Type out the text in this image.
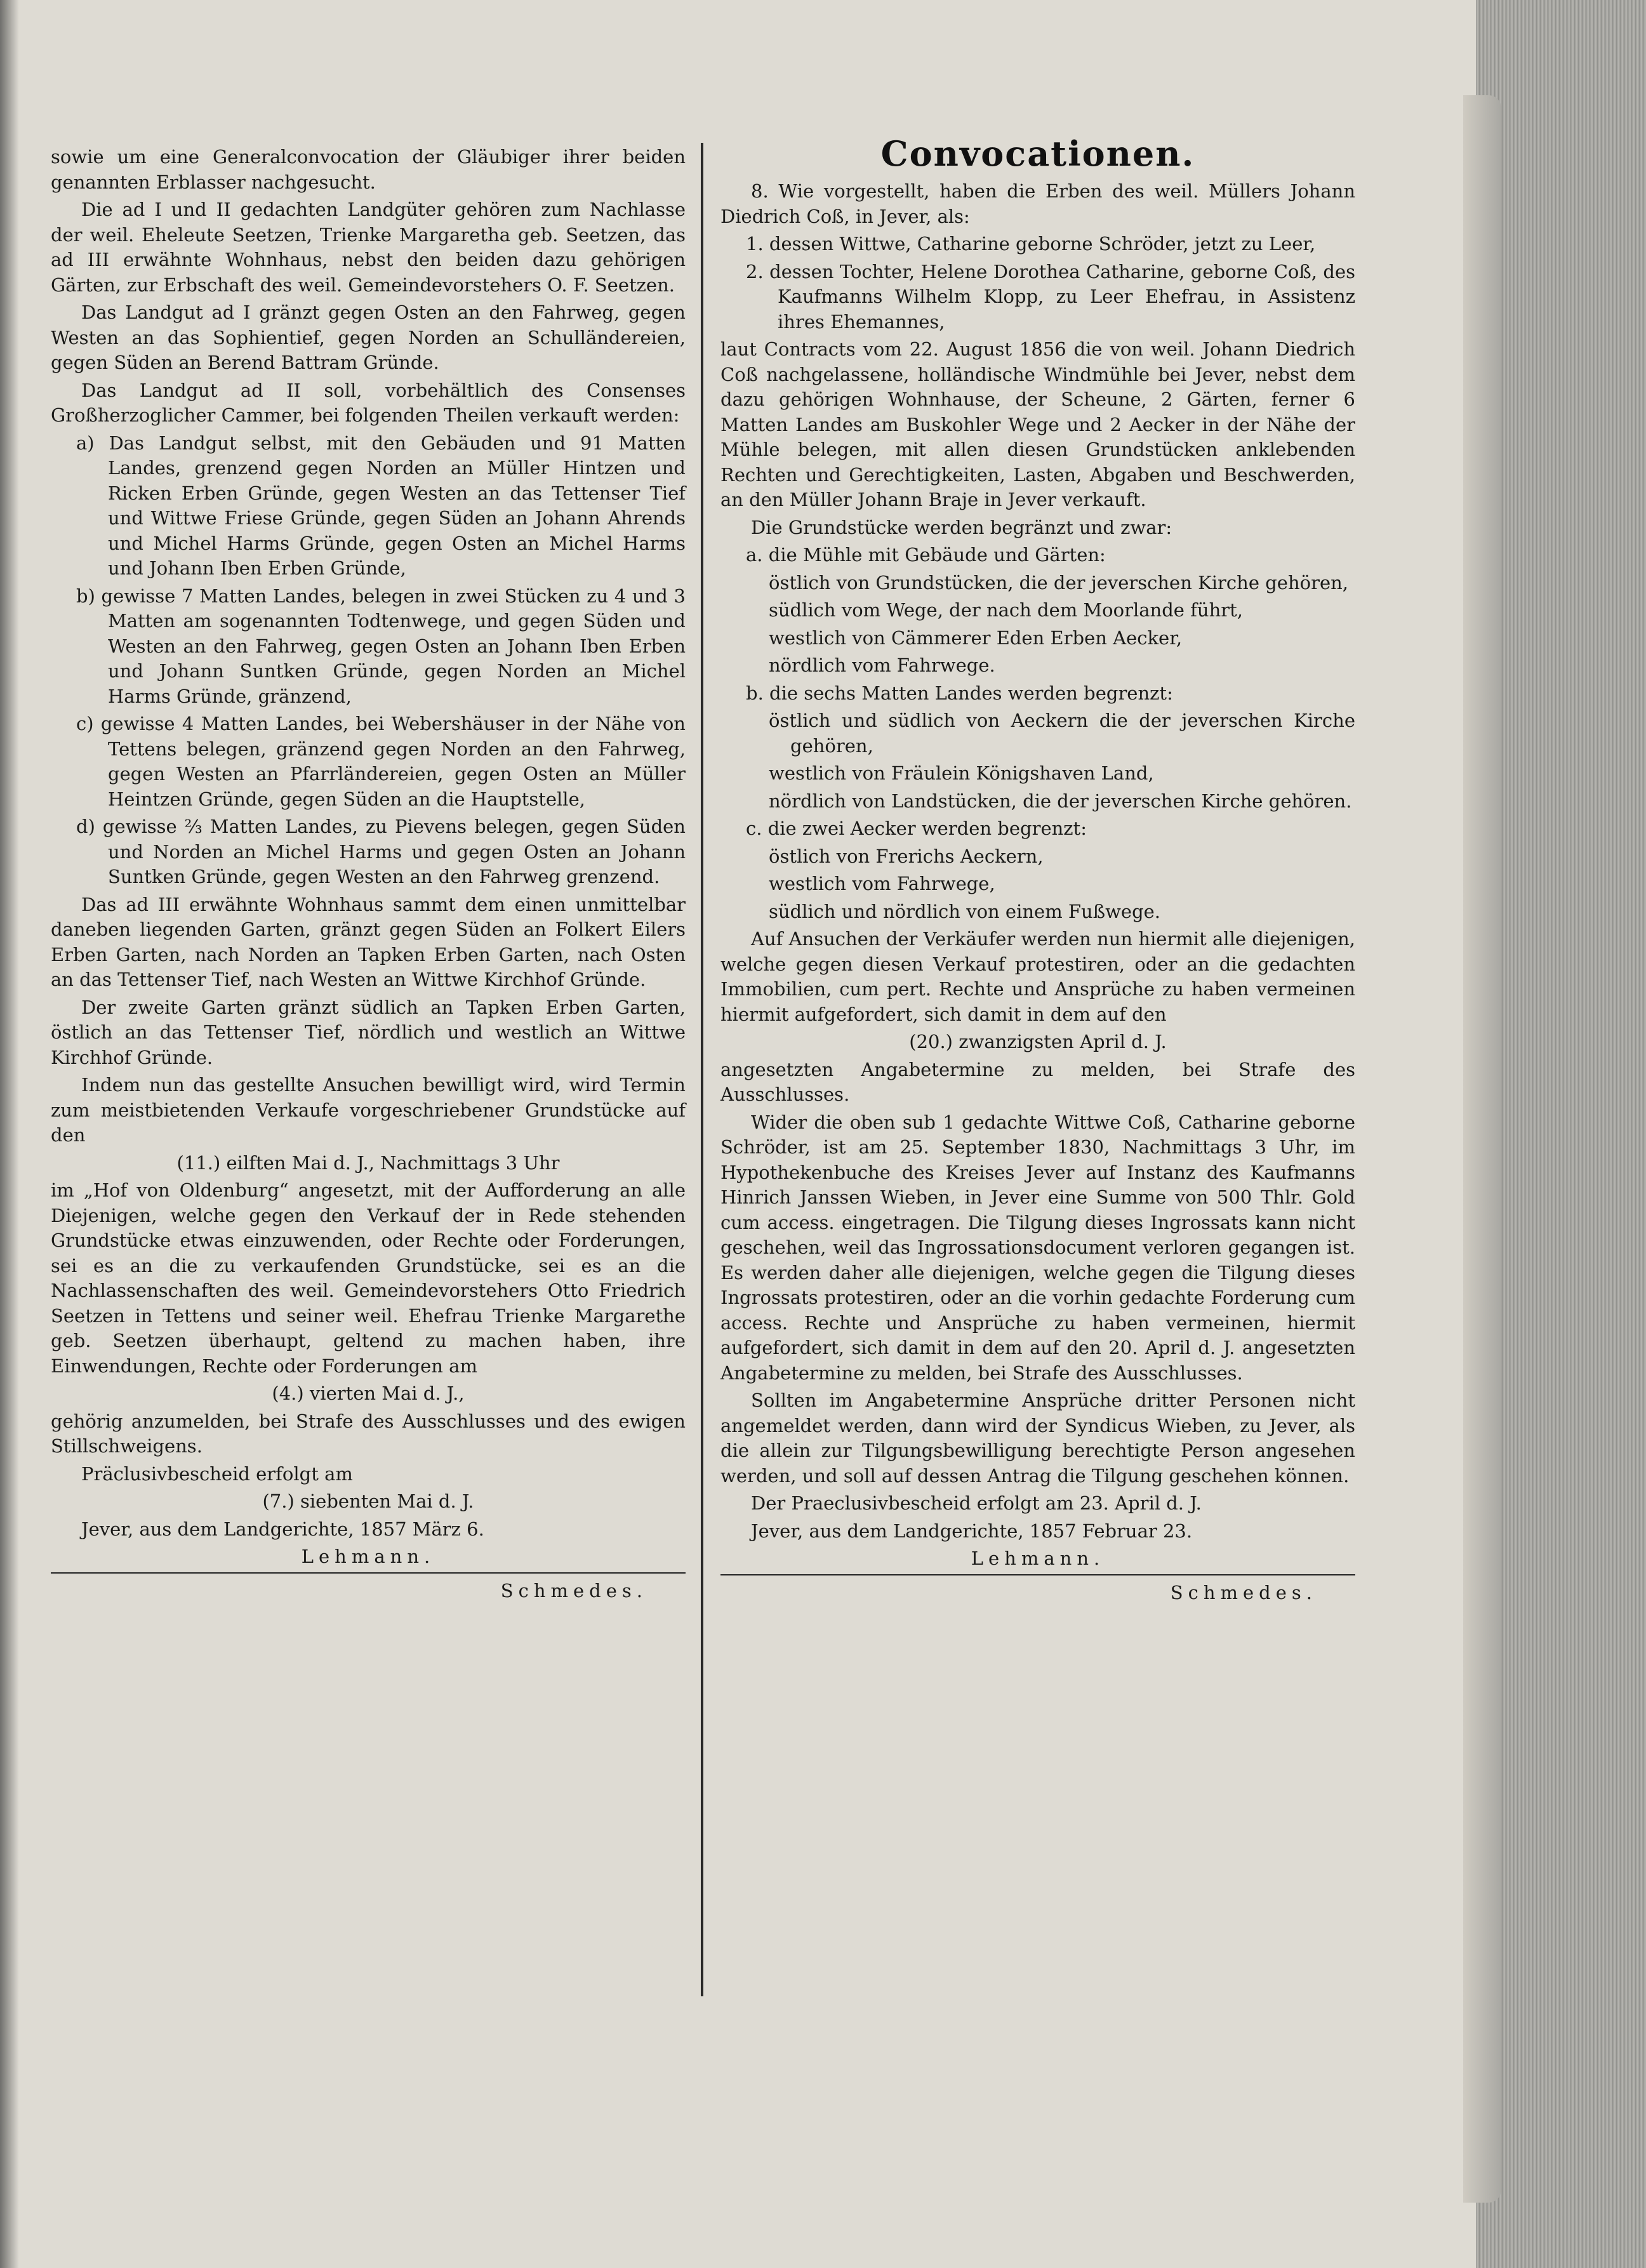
sowie um eine Generalconvocation der Gläubiger ihrer beiden genannten Erblasser nachgesucht.

Die ad I und II gedachten Landgüter gehören zum Nachlasse der weil. Eheleute Seetzen, Trienke Margaretha geb. Seetzen, das ad III erwähnte Wohnhaus, nebst den beiden dazu gehörigen Gärten, zur Erbschaft des weil. Gemeindevorstehers O. F. Seetzen.

Das Landgut ad I gränzt gegen Osten an den Fahrweg, gegen Westen an das Sophientief, gegen Norden an Schulländereien, gegen Süden an Berend Battram Gründe.

Das Landgut ad II soll, vorbehältlich des Consenses Großherzoglicher Cammer, bei folgenden Theilen verkauft werden:

a) Das Landgut selbst, mit den Gebäuden und 91 Matten Landes, grenzend gegen Norden an Müller Hintzen und Ricken Erben Gründe, gegen Westen an das Tettenser Tief und Wittwe Friese Gründe, gegen Süden an Johann Ahrends und Michel Harms Gründe, gegen Osten an Michel Harms und Johann Iben Erben Gründe,

b) gewisse 7 Matten Landes, belegen in zwei Stücken zu 4 und 3 Matten am sogenannten Todtenwege, und gegen Süden und Westen an den Fahrweg, gegen Osten an Johann Iben Erben und Johann Suntken Gründe, gegen Norden an Michel Harms Gründe, gränzend,

c) gewisse 4 Matten Landes, bei Webershäuser in der Nähe von Tettens belegen, gränzend gegen Norden an den Fahrweg, gegen Westen an Pfarrländereien, gegen Osten an Müller Heintzen Gründe, gegen Süden an die Hauptstelle,

d) gewisse ⅔ Matten Landes, zu Pievens belegen, gegen Süden und Norden an Michel Harms und gegen Osten an Johann Suntken Gründe, gegen Westen an den Fahrweg grenzend.

Das ad III erwähnte Wohnhaus sammt dem einen unmittelbar daneben liegenden Garten, gränzt gegen Süden an Folkert Eilers Erben Garten, nach Norden an Tapken Erben Garten, nach Osten an das Tettenser Tief, nach Westen an Wittwe Kirchhof Gründe.

Der zweite Garten gränzt südlich an Tapken Erben Garten, östlich an das Tettenser Tief, nördlich und westlich an Wittwe Kirchhof Gründe.

Indem nun das gestellte Ansuchen bewilligt wird, wird Termin zum meistbietenden Verkaufe vorgeschriebener Grundstücke auf den

(11.) eilften Mai d. J., Nachmittags 3 Uhr

im „Hof von Oldenburg“ angesetzt, mit der Aufforderung an alle Diejenigen, welche gegen den Verkauf der in Rede stehenden Grundstücke etwas einzuwenden, oder Rechte oder Forderungen, sei es an die zu verkaufenden Grundstücke, sei es an die Nachlassenschaften des weil. Gemeindevorstehers Otto Friedrich Seetzen in Tettens und seiner weil. Ehefrau Trienke Margarethe geb. Seetzen überhaupt, geltend zu machen haben, ihre Einwendungen, Rechte oder Forderungen am

(4.) vierten Mai d. J.,

gehörig anzumelden, bei Strafe des Ausschlusses und des ewigen Stillschweigens.

Präclusivbescheid erfolgt am

(7.) siebenten Mai d. J.

Jever, aus dem Landgerichte, 1857 März 6.

Lehmann.

Schmedes.

Convocationen.

8. Wie vorgestellt, haben die Erben des weil. Müllers Johann Diedrich Coß, in Jever, als:

1. dessen Wittwe, Catharine geborne Schröder, jetzt zu Leer,

2. dessen Tochter, Helene Dorothea Catharine, geborne Coß, des Kaufmanns Wilhelm Klopp, zu Leer Ehefrau, in Assistenz ihres Ehemannes,

laut Contracts vom 22. August 1856 die von weil. Johann Diedrich Coß nachgelassene, holländische Windmühle bei Jever, nebst dem dazu gehörigen Wohnhause, der Scheune, 2 Gärten, ferner 6 Matten Landes am Buskohler Wege und 2 Aecker in der Nähe der Mühle belegen, mit allen diesen Grundstücken anklebenden Rechten und Gerechtigkeiten, Lasten, Abgaben und Beschwerden, an den Müller Johann Braje in Jever verkauft.

Die Grundstücke werden begränzt und zwar:

a. die Mühle mit Gebäude und Gärten:

östlich von Grundstücken, die der jeverschen Kirche gehören,

südlich vom Wege, der nach dem Moorlande führt,

westlich von Cämmerer Eden Erben Aecker,

nördlich vom Fahrwege.

b. die sechs Matten Landes werden begrenzt:

östlich und südlich von Aeckern die der jeverschen Kirche gehören,

westlich von Fräulein Königshaven Land,

nördlich von Landstücken, die der jeverschen Kirche gehören.

c. die zwei Aecker werden begrenzt:

östlich von Frerichs Aeckern,

westlich vom Fahrwege,

südlich und nördlich von einem Fußwege.

Auf Ansuchen der Verkäufer werden nun hiermit alle diejenigen, welche gegen diesen Verkauf protestiren, oder an die gedachten Immobilien, cum pert. Rechte und Ansprüche zu haben vermeinen hiermit aufgefordert, sich damit in dem auf den

(20.) zwanzigsten April d. J.

angesetzten Angabetermine zu melden, bei Strafe des Ausschlusses.

Wider die oben sub 1 gedachte Wittwe Coß, Catharine geborne Schröder, ist am 25. September 1830, Nachmittags 3 Uhr, im Hypothekenbuche des Kreises Jever auf Instanz des Kaufmanns Hinrich Janssen Wieben, in Jever eine Summe von 500 Thlr. Gold cum access. eingetragen. Die Tilgung dieses Ingrossats kann nicht geschehen, weil das Ingrossationsdocument verloren gegangen ist. Es werden daher alle diejenigen, welche gegen die Tilgung dieses Ingrossats protestiren, oder an die vorhin gedachte Forderung cum access. Rechte und Ansprüche zu haben vermeinen, hiermit aufgefordert, sich damit in dem auf den 20. April d. J. angesetzten Angabetermine zu melden, bei Strafe des Ausschlusses.

Sollten im Angabetermine Ansprüche dritter Personen nicht angemeldet werden, dann wird der Syndicus Wieben, zu Jever, als die allein zur Tilgungsbewilligung berechtigte Person angesehen werden, und soll auf dessen Antrag die Tilgung geschehen können.

Der Praeclusivbescheid erfolgt am 23. April d. J.

Jever, aus dem Landgerichte, 1857 Februar 23.

Lehmann.

Schmedes.
